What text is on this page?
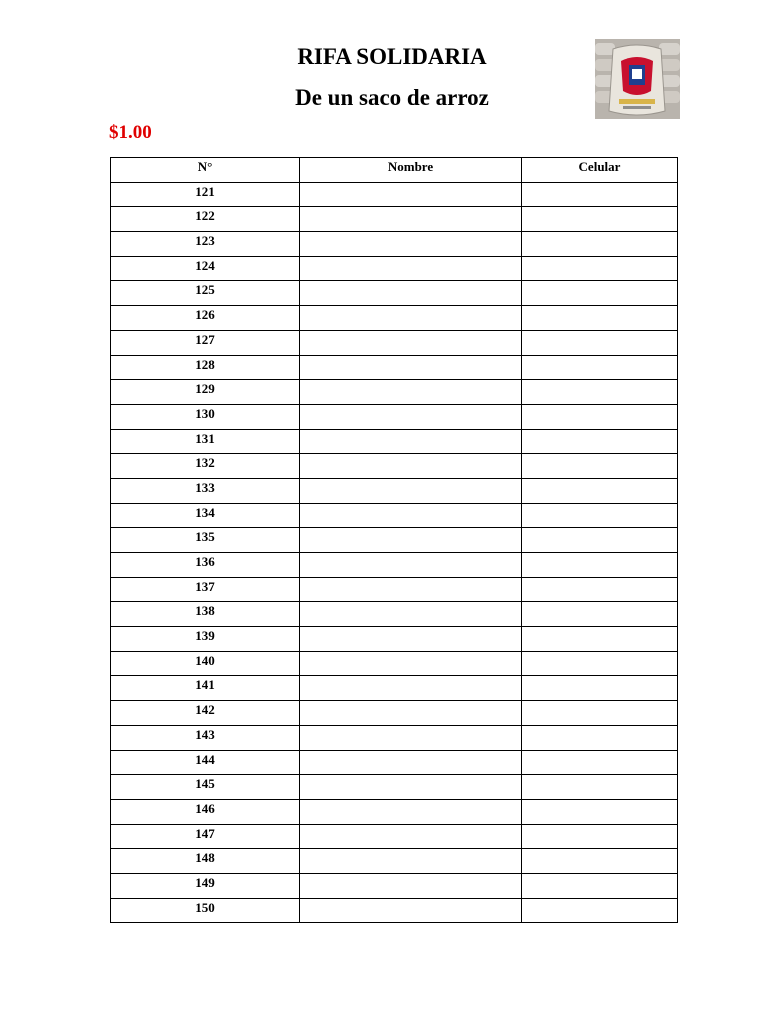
RIFA SOLIDARIA
De un saco de arroz
$1.00
N°	Nombre	Celular
121		
122		
123		
124		
125		
126		
127		
128		
129		
130		
131		
132		
133		
134		
135		
136		
137		
138		
139		
140		
141		
142		
143		
144		
145		
146		
147		
148		
149		
150		
